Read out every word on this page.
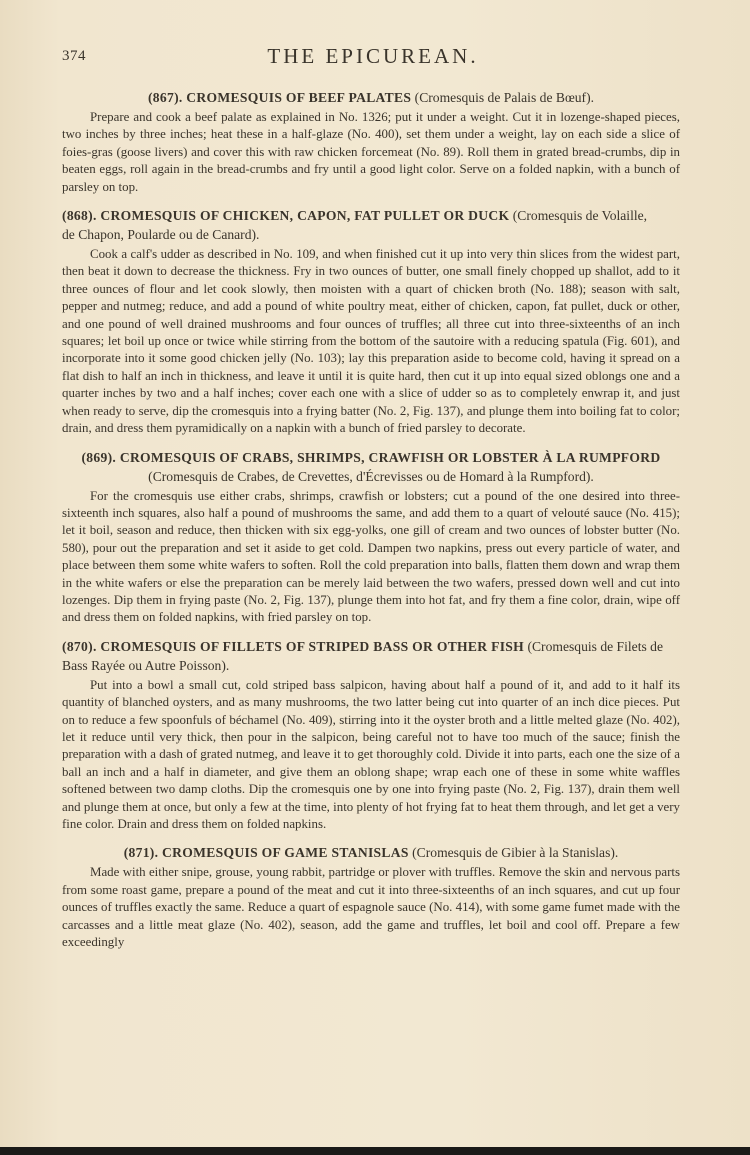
374	THE EPICUREAN.
(867). CROMESQUIS OF BEEF PALATES (Cromesquis de Palais de Bœuf).

Prepare and cook a beef palate as explained in No. 1326; put it under a weight. Cut it in lozenge-shaped pieces, two inches by three inches; heat these in a half-glaze (No. 400), set them under a weight, lay on each side a slice of foies-gras (goose livers) and cover this with raw chicken forcemeat (No. 89). Roll them in grated bread-crumbs, dip in beaten eggs, roll again in the bread-crumbs and fry until a good light color. Serve on a folded napkin, with a bunch of parsley on top.

(868). CROMESQUIS OF CHICKEN, CAPON, FAT PULLET OR DUCK (Cromesquis de Volaille,
de Chapon, Poularde ou de Canard).

Cook a calf's udder as described in No. 109, and when finished cut it up into very thin slices from the widest part, then beat it down to decrease the thickness. Fry in two ounces of butter, one small finely chopped up shallot, add to it three ounces of flour and let cook slowly, then moisten with a quart of chicken broth (No. 188); season with salt, pepper and nutmeg; reduce, and add a pound of white poultry meat, either of chicken, capon, fat pullet, duck or other, and one pound of well drained mushrooms and four ounces of truffles; all three cut into three-sixteenths of an inch squares; let boil up once or twice while stirring from the bottom of the sautoire with a reducing spatula (Fig. 601), and incorporate into it some good chicken jelly (No. 103); lay this preparation aside to become cold, having it spread on a flat dish to half an inch in thickness, and leave it until it is quite hard, then cut it up into equal sized oblongs one and a quarter inches by two and a half inches; cover each one with a slice of udder so as to completely enwrap it, and just when ready to serve, dip the cromesquis into a frying batter (No. 2, Fig. 137), and plunge them into boiling fat to color; drain, and dress them pyramidically on a napkin with a bunch of fried parsley to decorate.

(869). CROMESQUIS OF CRABS, SHRIMPS, CRAWFISH OR LOBSTER À LA RUMPFORD
(Cromesquis de Crabes, de Crevettes, d'Écrevisses ou de Homard à la Rumpford).

For the cromesquis use either crabs, shrimps, crawfish or lobsters; cut a pound of the one desired into three-sixteenth inch squares, also half a pound of mushrooms the same, and add them to a quart of velouté sauce (No. 415); let it boil, season and reduce, then thicken with six egg-yolks, one gill of cream and two ounces of lobster butter (No. 580), pour out the preparation and set it aside to get cold. Dampen two napkins, press out every particle of water, and place between them some white wafers to soften. Roll the cold preparation into balls, flatten them down and wrap them in the white wafers or else the preparation can be merely laid between the two wafers, pressed down well and cut into lozenges. Dip them in frying paste (No. 2, Fig. 137), plunge them into hot fat, and fry them a fine color, drain, wipe off and dress them on folded napkins, with fried parsley on top.

(870). CROMESQUIS OF FILLETS OF STRIPED BASS OR OTHER FISH (Cromesquis de Filets de
Bass Rayée ou Autre Poisson).

Put into a bowl a small cut, cold striped bass salpicon, having about half a pound of it, and add to it half its quantity of blanched oysters, and as many mushrooms, the two latter being cut into quarter of an inch dice pieces. Put on to reduce a few spoonfuls of béchamel (No. 409), stirring into it the oyster broth and a little melted glaze (No. 402), let it reduce until very thick, then pour in the salpicon, being careful not to have too much of the sauce; finish the preparation with a dash of grated nutmeg, and leave it to get thoroughly cold. Divide it into parts, each one the size of a ball an inch and a half in diameter, and give them an oblong shape; wrap each one of these in some white waffles softened between two damp cloths. Dip the cromesquis one by one into frying paste (No. 2, Fig. 137), drain them well and plunge them at once, but only a few at the time, into plenty of hot frying fat to heat them through, and let get a very fine color. Drain and dress them on folded napkins.

(871). CROMESQUIS OF GAME STANISLAS (Cromesquis de Gibier à la Stanislas).

Made with either snipe, grouse, young rabbit, partridge or plover with truffles. Remove the skin and nervous parts from some roast game, prepare a pound of the meat and cut it into three-sixteenths of an inch squares, and cut up four ounces of truffles exactly the same. Reduce a quart of espagnole sauce (No. 414), with some game fumet made with the carcasses and a little meat glaze (No. 402), season, add the game and truffles, let boil and cool off. Prepare a few exceedingly
